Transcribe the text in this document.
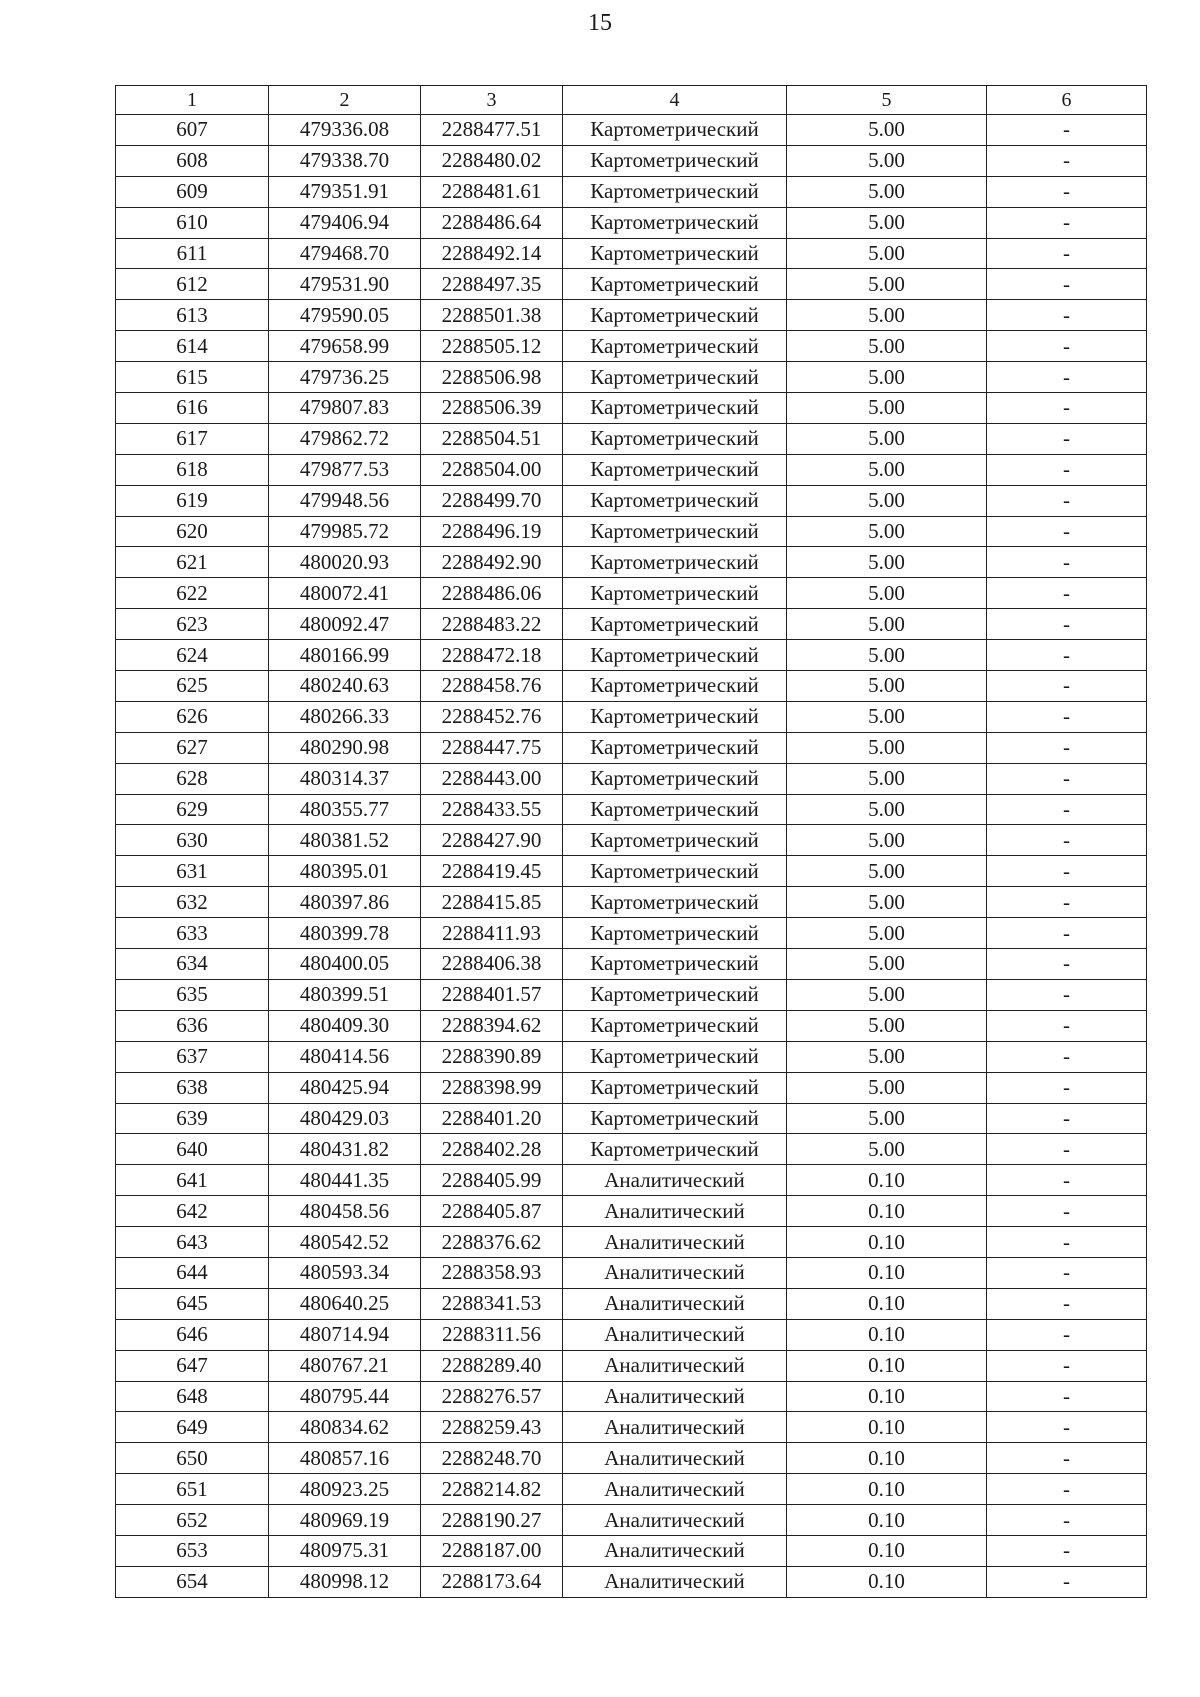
15
1	2	3	4	5	6
607	479336.08	2288477.51	Картометрический	5.00	-
608	479338.70	2288480.02	Картометрический	5.00	-
609	479351.91	2288481.61	Картометрический	5.00	-
610	479406.94	2288486.64	Картометрический	5.00	-
611	479468.70	2288492.14	Картометрический	5.00	-
612	479531.90	2288497.35	Картометрический	5.00	-
613	479590.05	2288501.38	Картометрический	5.00	-
614	479658.99	2288505.12	Картометрический	5.00	-
615	479736.25	2288506.98	Картометрический	5.00	-
616	479807.83	2288506.39	Картометрический	5.00	-
617	479862.72	2288504.51	Картометрический	5.00	-
618	479877.53	2288504.00	Картометрический	5.00	-
619	479948.56	2288499.70	Картометрический	5.00	-
620	479985.72	2288496.19	Картометрический	5.00	-
621	480020.93	2288492.90	Картометрический	5.00	-
622	480072.41	2288486.06	Картометрический	5.00	-
623	480092.47	2288483.22	Картометрический	5.00	-
624	480166.99	2288472.18	Картометрический	5.00	-
625	480240.63	2288458.76	Картометрический	5.00	-
626	480266.33	2288452.76	Картометрический	5.00	-
627	480290.98	2288447.75	Картометрический	5.00	-
628	480314.37	2288443.00	Картометрический	5.00	-
629	480355.77	2288433.55	Картометрический	5.00	-
630	480381.52	2288427.90	Картометрический	5.00	-
631	480395.01	2288419.45	Картометрический	5.00	-
632	480397.86	2288415.85	Картометрический	5.00	-
633	480399.78	2288411.93	Картометрический	5.00	-
634	480400.05	2288406.38	Картометрический	5.00	-
635	480399.51	2288401.57	Картометрический	5.00	-
636	480409.30	2288394.62	Картометрический	5.00	-
637	480414.56	2288390.89	Картометрический	5.00	-
638	480425.94	2288398.99	Картометрический	5.00	-
639	480429.03	2288401.20	Картометрический	5.00	-
640	480431.82	2288402.28	Картометрический	5.00	-
641	480441.35	2288405.99	Аналитический	0.10	-
642	480458.56	2288405.87	Аналитический	0.10	-
643	480542.52	2288376.62	Аналитический	0.10	-
644	480593.34	2288358.93	Аналитический	0.10	-
645	480640.25	2288341.53	Аналитический	0.10	-
646	480714.94	2288311.56	Аналитический	0.10	-
647	480767.21	2288289.40	Аналитический	0.10	-
648	480795.44	2288276.57	Аналитический	0.10	-
649	480834.62	2288259.43	Аналитический	0.10	-
650	480857.16	2288248.70	Аналитический	0.10	-
651	480923.25	2288214.82	Аналитический	0.10	-
652	480969.19	2288190.27	Аналитический	0.10	-
653	480975.31	2288187.00	Аналитический	0.10	-
654	480998.12	2288173.64	Аналитический	0.10	-
